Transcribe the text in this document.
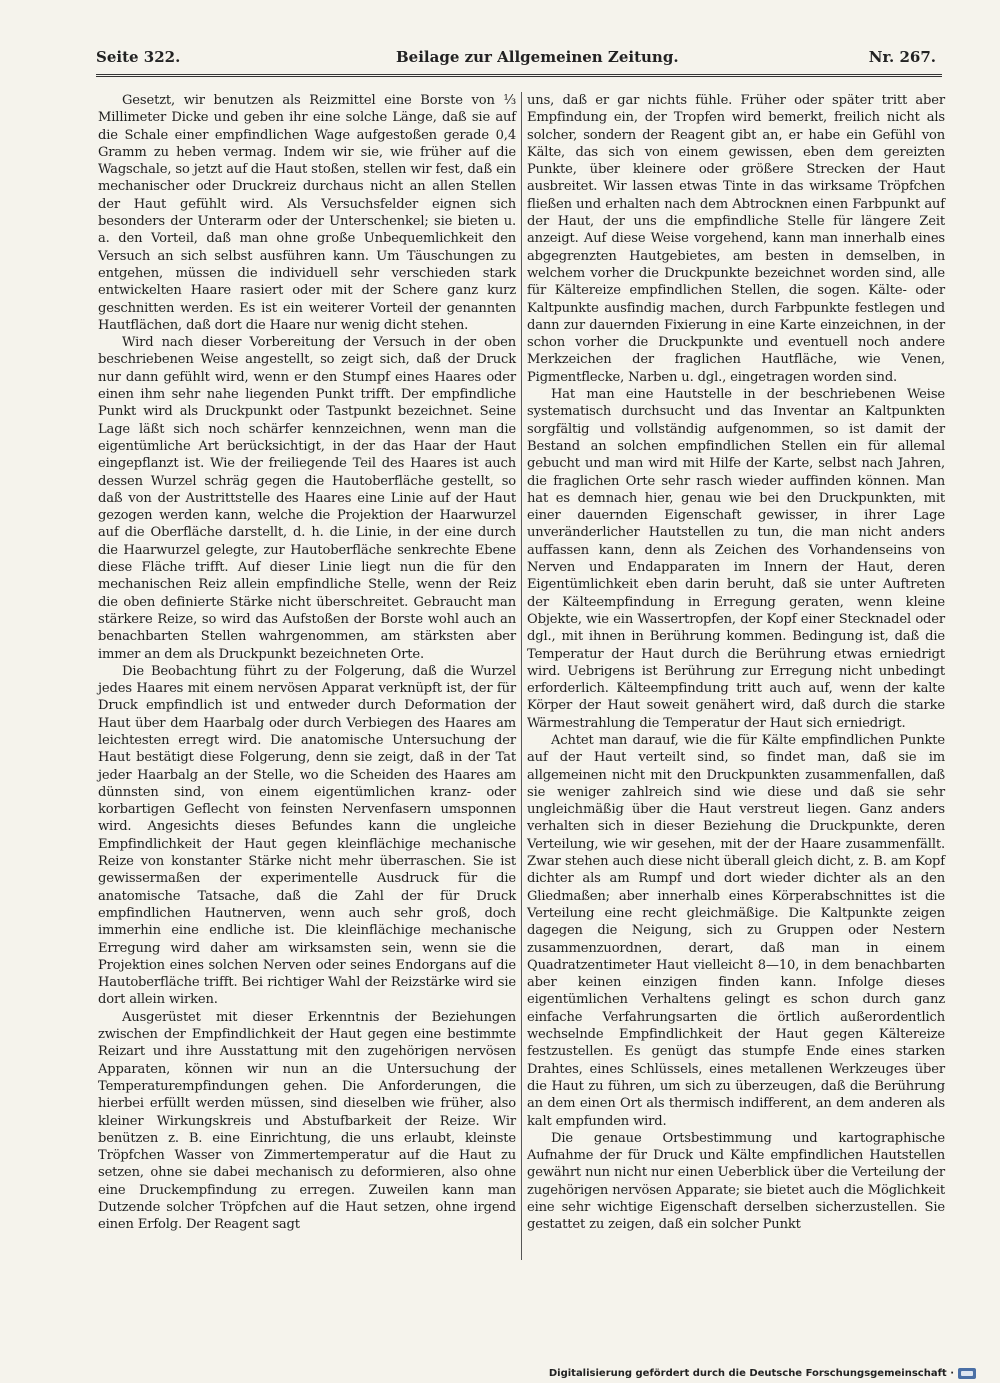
Seite 322.	Beilage zur Allgemeinen Zeitung.	Nr. 267.

Gesetzt, wir benutzen als Reizmittel eine Borste von ⅓ Millimeter Dicke und geben ihr eine solche Länge, daß sie auf die Schale einer empfindlichen Wage aufgestoßen gerade 0,4 Gramm zu heben vermag. Indem wir sie, wie früher auf die Wagschale, so jetzt auf die Haut stoßen, stellen wir fest, daß ein mechanischer oder Druckreiz durchaus nicht an allen Stellen der Haut gefühlt wird. Als Versuchsfelder eignen sich besonders der Unterarm oder der Unterschenkel; sie bieten u. a. den Vorteil, daß man ohne große Unbequemlichkeit den Versuch an sich selbst ausführen kann. Um Täuschungen zu entgehen, müssen die individuell sehr verschieden stark entwickelten Haare rasiert oder mit der Schere ganz kurz geschnitten werden. Es ist ein weiterer Vorteil der genannten Hautflächen, daß dort die Haare nur wenig dicht stehen.

Wird nach dieser Vorbereitung der Versuch in der oben beschriebenen Weise angestellt, so zeigt sich, daß der Druck nur dann gefühlt wird, wenn er den Stumpf eines Haares oder einen ihm sehr nahe liegenden Punkt trifft. Der empfindliche Punkt wird als Druckpunkt oder Tastpunkt bezeichnet. Seine Lage läßt sich noch schärfer kennzeichnen, wenn man die eigentümliche Art berücksichtigt, in der das Haar der Haut eingepflanzt ist. Wie der freiliegende Teil des Haares ist auch dessen Wurzel schräg gegen die Hautoberfläche gestellt, so daß von der Austrittstelle des Haares eine Linie auf der Haut gezogen werden kann, welche die Projektion der Haarwurzel auf die Oberfläche darstellt, d. h. die Linie, in der eine durch die Haarwurzel gelegte, zur Hautoberfläche senkrechte Ebene diese Fläche trifft. Auf dieser Linie liegt nun die für den mechanischen Reiz allein empfindliche Stelle, wenn der Reiz die oben definierte Stärke nicht überschreitet. Gebraucht man stärkere Reize, so wird das Aufstoßen der Borste wohl auch an benachbarten Stellen wahrgenommen, am stärksten aber immer an dem als Druckpunkt bezeichneten Orte.

Die Beobachtung führt zu der Folgerung, daß die Wurzel jedes Haares mit einem nervösen Apparat verknüpft ist, der für Druck empfindlich ist und entweder durch Deformation der Haut über dem Haarbalg oder durch Verbiegen des Haares am leichtesten erregt wird. Die anatomische Untersuchung der Haut bestätigt diese Folgerung, denn sie zeigt, daß in der Tat jeder Haarbalg an der Stelle, wo die Scheiden des Haares am dünnsten sind, von einem eigentümlichen kranz- oder korbartigen Geflecht von feinsten Nervenfasern umsponnen wird. Angesichts dieses Befundes kann die ungleiche Empfindlichkeit der Haut gegen kleinflächige mechanische Reize von konstanter Stärke nicht mehr überraschen. Sie ist gewissermaßen der experimentelle Ausdruck für die anatomische Tatsache, daß die Zahl der für Druck empfindlichen Hautnerven, wenn auch sehr groß, doch immerhin eine endliche ist. Die kleinflächige mechanische Erregung wird daher am wirksamsten sein, wenn sie die Projektion eines solchen Nerven oder seines Endorgans auf die Hautoberfläche trifft. Bei richtiger Wahl der Reizstärke wird sie dort allein wirken.

Ausgerüstet mit dieser Erkenntnis der Beziehungen zwischen der Empfindlichkeit der Haut gegen eine bestimmte Reizart und ihre Ausstattung mit den zugehörigen nervösen Apparaten, können wir nun an die Untersuchung der Temperaturempfindungen gehen. Die Anforderungen, die hierbei erfüllt werden müssen, sind dieselben wie früher, also kleiner Wirkungskreis und Abstufbarkeit der Reize. Wir benützen z. B. eine Einrichtung, die uns erlaubt, kleinste Tröpfchen Wasser von Zimmertemperatur auf die Haut zu setzen, ohne sie dabei mechanisch zu deformieren, also ohne eine Druckempfindung zu erregen. Zuweilen kann man Dutzende solcher Tröpfchen auf die Haut setzen, ohne irgend einen Erfolg. Der Reagent sagt

uns, daß er gar nichts fühle. Früher oder später tritt aber Empfindung ein, der Tropfen wird bemerkt, freilich nicht als solcher, sondern der Reagent gibt an, er habe ein Gefühl von Kälte, das sich von einem gewissen, eben dem gereizten Punkte, über kleinere oder größere Strecken der Haut ausbreitet. Wir lassen etwas Tinte in das wirksame Tröpfchen fließen und erhalten nach dem Abtrocknen einen Farbpunkt auf der Haut, der uns die empfindliche Stelle für längere Zeit anzeigt. Auf diese Weise vorgehend, kann man innerhalb eines abgegrenzten Hautgebietes, am besten in demselben, in welchem vorher die Druckpunkte bezeichnet worden sind, alle für Kältereize empfindlichen Stellen, die sogen. Kälte- oder Kaltpunkte ausfindig machen, durch Farbpunkte festlegen und dann zur dauernden Fixierung in eine Karte einzeichnen, in der schon vorher die Druckpunkte und eventuell noch andere Merkzeichen der fraglichen Hautfläche, wie Venen, Pigmentflecke, Narben u. dgl., eingetragen worden sind.

Hat man eine Hautstelle in der beschriebenen Weise systematisch durchsucht und das Inventar an Kaltpunkten sorgfältig und vollständig aufgenommen, so ist damit der Bestand an solchen empfindlichen Stellen ein für allemal gebucht und man wird mit Hilfe der Karte, selbst nach Jahren, die fraglichen Orte sehr rasch wieder auffinden können. Man hat es demnach hier, genau wie bei den Druckpunkten, mit einer dauernden Eigenschaft gewisser, in ihrer Lage unveränderlicher Hautstellen zu tun, die man nicht anders auffassen kann, denn als Zeichen des Vorhandenseins von Nerven und Endapparaten im Innern der Haut, deren Eigentümlichkeit eben darin beruht, daß sie unter Auftreten der Kälteempfindung in Erregung geraten, wenn kleine Objekte, wie ein Wassertropfen, der Kopf einer Stecknadel oder dgl., mit ihnen in Berührung kommen. Bedingung ist, daß die Temperatur der Haut durch die Berührung etwas erniedrigt wird. Uebrigens ist Berührung zur Erregung nicht unbedingt erforderlich. Kälteempfindung tritt auch auf, wenn der kalte Körper der Haut soweit genähert wird, daß durch die starke Wärmestrahlung die Temperatur der Haut sich erniedrigt.

Achtet man darauf, wie die für Kälte empfindlichen Punkte auf der Haut verteilt sind, so findet man, daß sie im allgemeinen nicht mit den Druckpunkten zusammenfallen, daß sie weniger zahlreich sind wie diese und daß sie sehr ungleichmäßig über die Haut verstreut liegen. Ganz anders verhalten sich in dieser Beziehung die Druckpunkte, deren Verteilung, wie wir gesehen, mit der der Haare zusammenfällt. Zwar stehen auch diese nicht überall gleich dicht, z. B. am Kopf dichter als am Rumpf und dort wieder dichter als an den Gliedmaßen; aber innerhalb eines Körperabschnittes ist die Verteilung eine recht gleichmäßige. Die Kaltpunkte zeigen dagegen die Neigung, sich zu Gruppen oder Nestern zusammenzuordnen, derart, daß man in einem Quadratzentimeter Haut vielleicht 8—10, in dem benachbarten aber keinen einzigen finden kann. Infolge dieses eigentümlichen Verhaltens gelingt es schon durch ganz einfache Verfahrungsarten die örtlich außerordentlich wechselnde Empfindlichkeit der Haut gegen Kältereize festzustellen. Es genügt das stumpfe Ende eines starken Drahtes, eines Schlüssels, eines metallenen Werkzeuges über die Haut zu führen, um sich zu überzeugen, daß die Berührung an dem einen Ort als thermisch indifferent, an dem anderen als kalt empfunden wird.

Die genaue Ortsbestimmung und kartographische Aufnahme der für Druck und Kälte empfindlichen Hautstellen gewährt nun nicht nur einen Ueberblick über die Verteilung der zugehörigen nervösen Apparate; sie bietet auch die Möglichkeit eine sehr wichtige Eigenschaft derselben sicherzustellen. Sie gestattet zu zeigen, daß ein solcher Punkt

Digitalisierung gefördert durch die Deutsche Forschungsgemeinschaft ·
